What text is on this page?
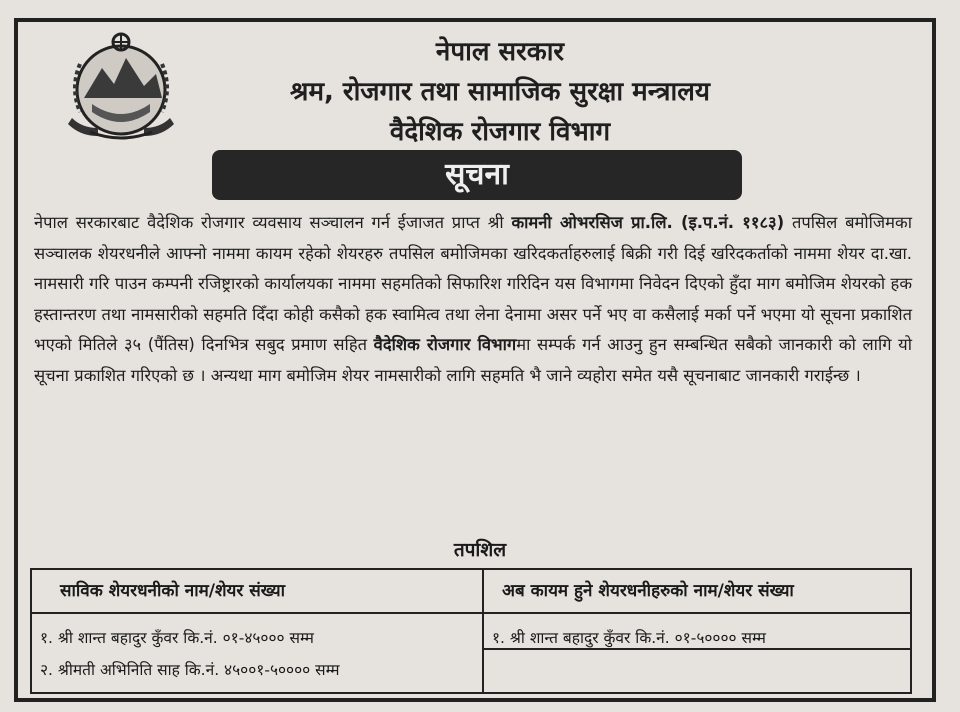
नेपाल सरकार
श्रम, रोजगार तथा सामाजिक सुरक्षा मन्त्रालय
वैदेशिक रोजगार विभाग
सूचना
नेपाल सरकारबाट वैदेशिक रोजगार व्यवसाय सञ्चालन गर्न ईजाजत प्राप्त श्री कामनी ओभरसिज प्रा.लि. (इ.प.नं. ११८३) तपसिल बमोजिमका सञ्चालक शेयरधनीले आफ्नो नाममा कायम रहेको शेयरहरु तपसिल बमोजिमका खरिदकर्ताहरुलाई बिक्री गरी दिई खरिदकर्ताको नाममा शेयर दा.खा. नामसारी गरि पाउन कम्पनी रजिष्ट्रारको कार्यालयका नाममा सहमतिको सिफारिश गरिदिन यस विभागमा निवेदन दिएको हुँदा माग बमोजिम शेयरको हक हस्तान्तरण तथा नामसारीको सहमति दिँदा कोही कसैको हक स्वामित्व तथा लेना देनामा असर पर्ने भए वा कसैलाई मर्का पर्ने भएमा यो सूचना प्रकाशित भएको मितिले ३५ (पैंतिस) दिनभित्र सबुद प्रमाण सहित वैदेशिक रोजगार विभागमा सम्पर्क गर्न आउनु हुन सम्बन्धित सबैको जानकारी को लागि यो सूचना प्रकाशित गरिएको छ । अन्यथा माग बमोजिम शेयर नामसारीको लागि सहमति भै जाने व्यहोरा समेत यसै सूचनाबाट जानकारी गराईन्छ ।
तपशिल
साविक शेयरधनीको नाम/शेयर संख्या	अब कायम हुने शेयरधनीहरुको नाम/शेयर संख्या
१. श्री शान्त बहादुर कुँवर कि.नं. ०१-४५००० सम्म
२. श्रीमती अभिनिति साह कि.नं. ४५००१-५०००० सम्म
१. श्री शान्त बहादुर कुँवर कि.नं. ०१-५०००० सम्म
